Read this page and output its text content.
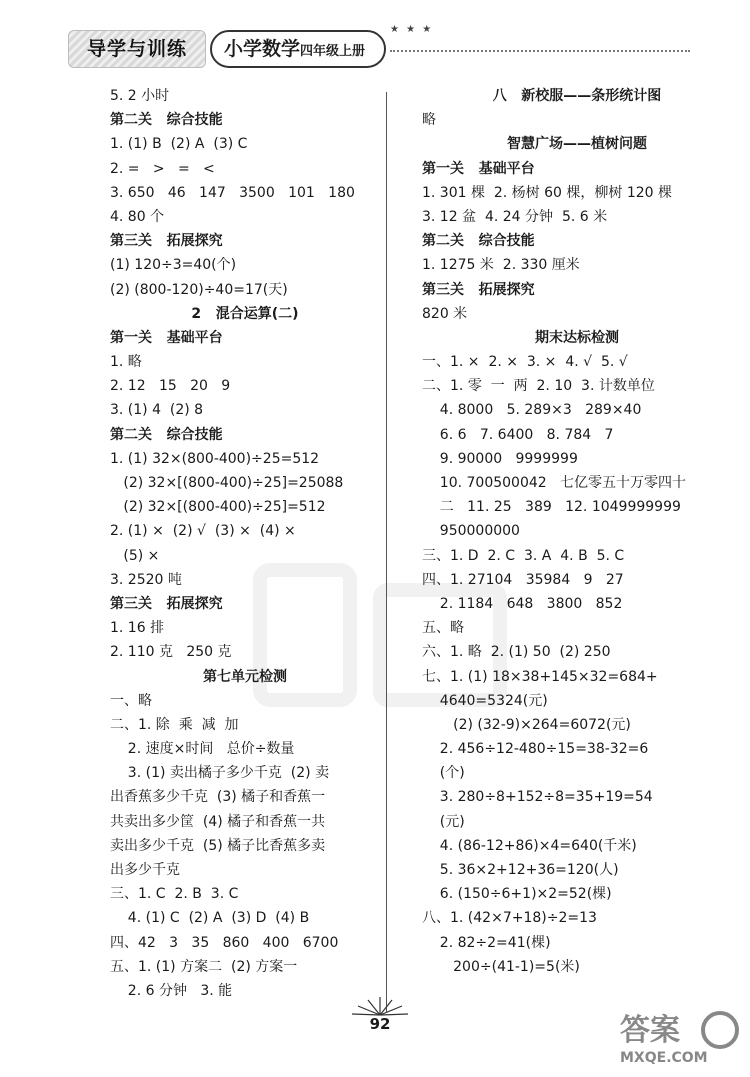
导学与训练	小学数学四年级上册
★ ★ ★
5. 2 小时
第二关   综合技能
1. (1) B  (2) A  (3) C
2. =   >   =   <
3. 650   46   147   3500   101   180
4. 80 个
第三关   拓展探究
(1) 120÷3=40(个)
(2) (800-120)÷40=17(天)
2   混合运算(二)
第一关   基础平台
1. 略
2. 12   15   20   9
3. (1) 4  (2) 8
第二关   综合技能
1. (1) 32×(800-400)÷25=512
(2) 32×[(800-400)÷25]=25088
(2) 32×[(800-400)÷25]=512
2. (1) ×  (2) √  (3) ×  (4) ×
(5) ×
3. 2520 吨
第三关   拓展探究
1. 16 排
2. 110 克   250 克
第七单元检测
一、略
二、1. 除  乘  减  加
2. 速度×时间   总价÷数量
3. (1) 卖出橘子多少千克  (2) 卖
出香蕉多少千克  (3) 橘子和香蕉一
共卖出多少筐  (4) 橘子和香蕉一共
卖出多少千克  (5) 橘子比香蕉多卖
出多少千克
三、1. C  2. B  3. C
4. (1) C  (2) A  (3) D  (4) B
四、42   3   35   860   400   6700
五、1. (1) 方案二  (2) 方案一
2. 6 分钟   3. 能
八   新校服——条形统计图
略
智慧广场——植树问题
第一关   基础平台
1. 301 棵  2. 杨树 60 棵，柳树 120 棵
3. 12 盆  4. 24 分钟  5. 6 米
第二关   综合技能
1. 1275 米  2. 330 厘米
第三关   拓展探究
820 米
期末达标检测
一、1. ×  2. ×  3. ×  4. √  5. √
二、1. 零  一  两  2. 10  3. 计数单位
4. 8000   5. 289×3   289×40
6. 6   7. 6400   8. 784   7
9. 90000   9999999
10. 700500042   七亿零五十万零四十
二   11. 25   389   12. 1049999999
950000000
三、1. D  2. C  3. A  4. B  5. C
四、1. 27104   35984   9   27
2. 1184   648   3800   852
五、略
六、1. 略  2. (1) 50  (2) 250
七、1. (1) 18×38+145×32=684+
4640=5324(元)
(2) (32-9)×264=6072(元)
2. 456÷12-480÷15=38-32=6
(个)
3. 280÷8+152÷8=35+19=54
(元)
4. (86-12+86)×4=640(千米)
5. 36×2+12+36=120(人)
6. (150÷6+1)×2=52(棵)
八、1. (42×7+18)÷2=13
2. 82÷2=41(棵)
200÷(41-1)=5(米)
92	答案
MXQE.COM
